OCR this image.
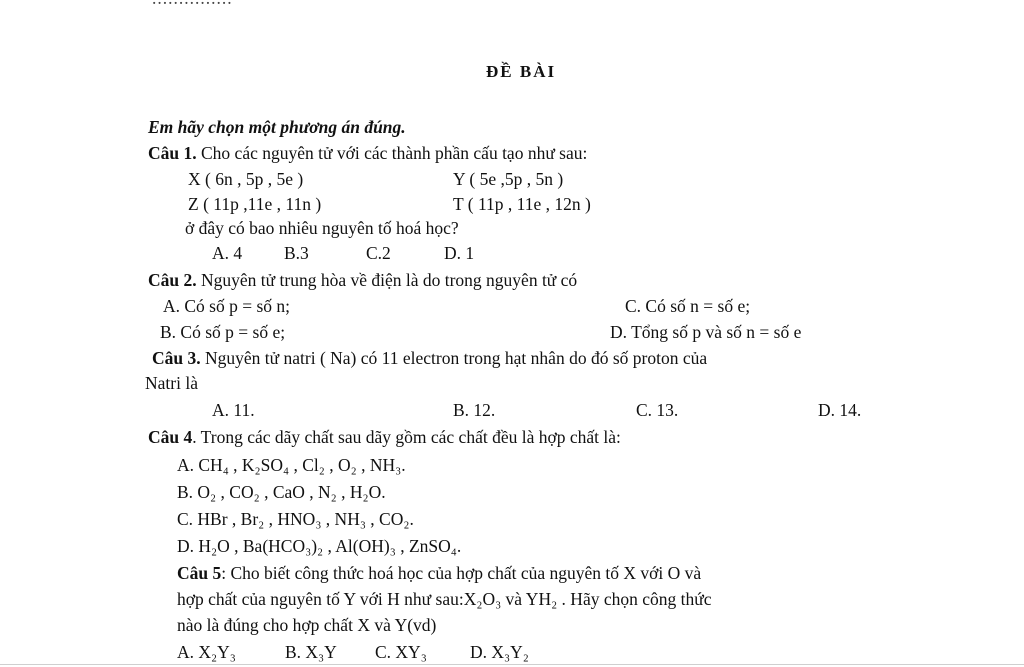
ĐỀ BÀI
Em hãy chọn một phương án đúng.
Câu 1. Cho các nguyên tử với các thành phần cấu tạo như sau:
X ( 6n , 5p , 5e )	Y ( 5e ,5p , 5n )
Z ( 11p ,11e , 11n )	T ( 11p , 11e , 12n )
ở đây có bao nhiêu nguyên tố hoá học?
A. 4 B.3	C.2	D. 1
Câu 2. Nguyên tử trung hòa về điện là do trong nguyên tử có
A. Có số p = số n;	C. Có số n = số e;
B. Có số p = số e;	D. Tổng số p và số n = số e
Câu 3. Nguyên tử natri ( Na) có 11 electron trong hạt nhân do đó số proton của
Natri là
A. 11.	B. 12.	C. 13.	D. 14.
Câu 4. Trong các dãy chất sau dãy gồm các chất đều là hợp chất là:
A. CH₄ , K₂SO₄ , Cl₂ , O₂ , NH₃.
B. O₂ , CO₂ , CaO , N₂ , H₂O.
C. HBr , Br₂ , HNO₃ , NH₃ , CO₂.
D. H₂O , Ba(HCO₃)₂ , Al(OH)₃ , ZnSO₄.
Câu 5: Cho biết công thức hoá học của hợp chất của nguyên tố X với O và
hợp chất của nguyên tố Y với H như sau:X₂O₃ và YH₂ . Hãy chọn công thức
nào là đúng cho hợp chất X và Y(vd)
A. X₂Y₃	B. X₃Y C. XY₃ D. X₃Y₂
